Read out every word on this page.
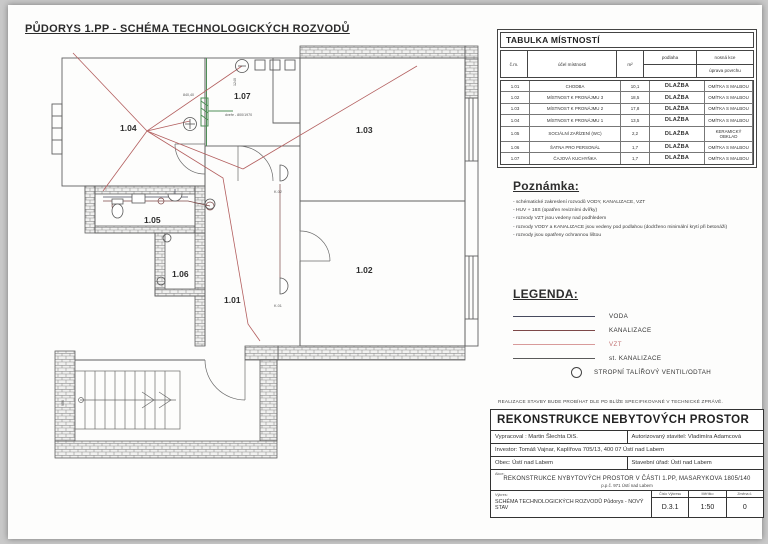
PŮDORYS 1.PP - SCHÉMA TECHNOLOGICKÝCH ROZVODŮ
1.04
1.07
1.03
1.05
1.06
1.01
1.02
K.02
K.01
dveře - 800/1970
840,40
1240
900
TABULKA MÍSTNOSTÍ
č.m.	účel místnosti	m²
podlaha	nosná kce
úprava povrchu
1.01	CHODBA	10,1	DLAŽBA	OMÍTKA S MALBOU
1.02	MÍSTNOST K PRONÁJMU 3	18,5	DLAŽBA	OMÍTKA S MALBOU
1.03	MÍSTNOST K PRONÁJMU 2	17,8	DLAŽBA	OMÍTKA S MALBOU
1.04	MÍSTNOST K PRONÁJMU 1	13,5	DLAŽBA	OMÍTKA S MALBOU
1.05	SOCIÁLNÍ ZAŘÍZENÍ (WC)	2,2	DLAŽBA	KERAMICKÝ OBKLAD
1.06	ŠATNA PRO PERSONÁL	1,7	DLAŽBA	OMÍTKA S MALBOU
1.07	ČAJOVÁ KUCHYŇKA	1,7	DLAŽBA	OMÍTKA S MALBOU
Poznámka:
- schématické zakreslení rozvodů VODY, KANALIZACE, VZT
- HUV + 16S (opatřen revizními dvířky)
- rozvody VZT jsou vedeny nad podhledem
- rozvody VODY a KANALIZACE jsou vedeny pod podlahou (dodrženo minimální krytí při betonáži)
- rozvody jsou opatřeny ochrannou lištou
LEGENDA:
VODA
KANALIZACE
VZT
st. KANALIZACE
STROPNÍ TALÍŘOVÝ VENTIL/ODTAH
REALIZACE STAVBY BUDE PROBÍHAT DLE PD BLÍŽE SPECIFIKOVANÉ V TECHNICKÉ ZPRÁVĚ.
REKONSTRUKCE NEBYTOVÝCH PROSTOR
Vypracoval : Martin Šlechta DiS.	Autorizovaný stavitel: Vladimíra Adamcová
Investor: Tomáš Vajnar, Kaplířova 705/13, 400 07 Ústí nad Labem
Obec: Ústí nad Labem	Stavební úřad: Ústí nad Labem
Akce:
REKONSTRUKCE NYBYTOVÝCH PROSTOR V ČÁSTI 1.PP, MASARYKOVA 1805/140
p.p.č. 971 Ústí nad Labem
Výkres:
SCHÉMA TECHNOLOGICKÝCH ROZVODŮ Půdorys - NOVÝ STAV
Číslo Výkresu
D.3.1
Měřítko
1:50
Změna č.
0
